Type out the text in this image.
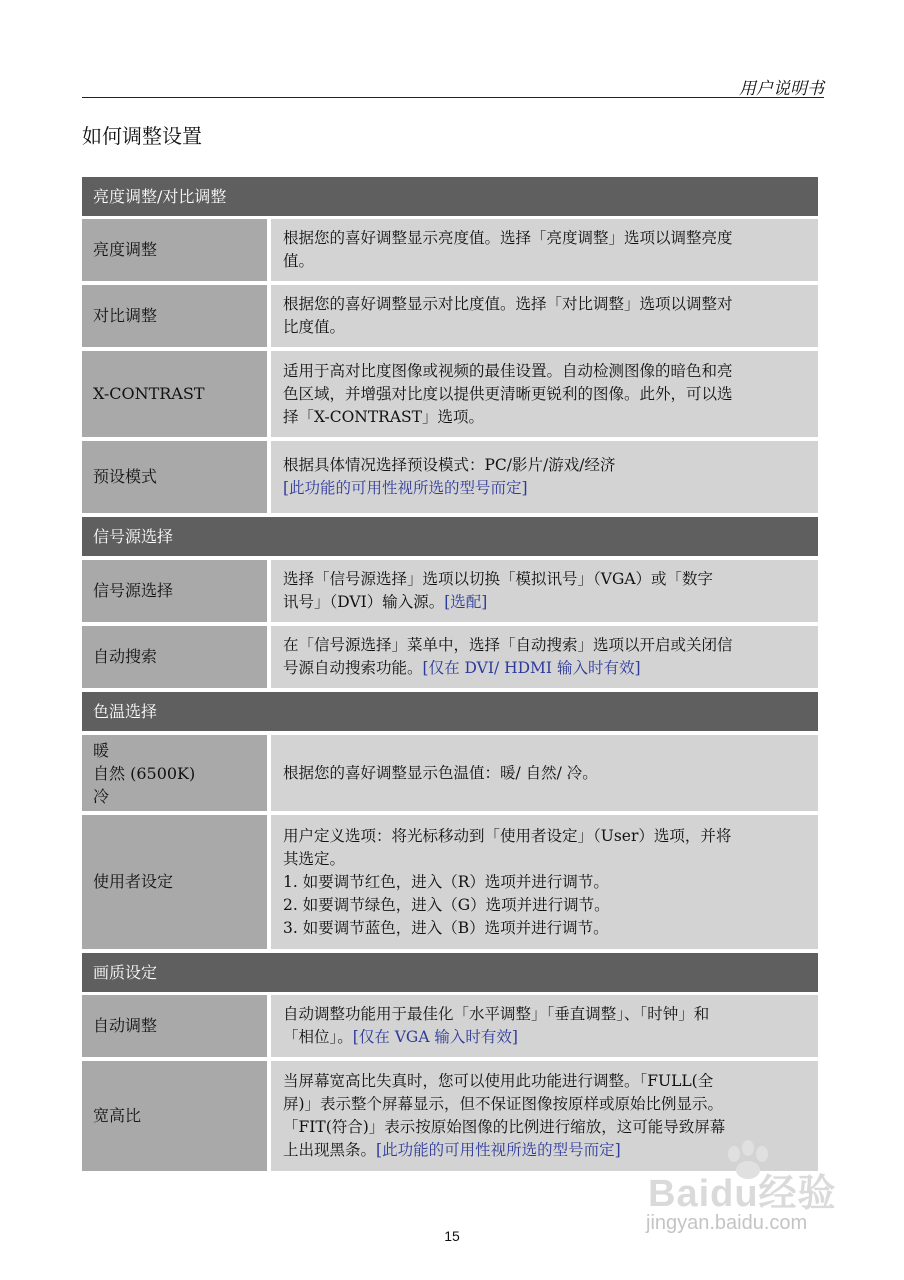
用户说明书
如何调整设置
亮度调整/对比调整
亮度调整
根据您的喜好调整显示亮度值。选择「亮度调整」选项以调整亮度
值。
对比调整
根据您的喜好调整显示对比度值。选择「对比调整」选项以调整对
比度值。
X-CONTRAST
适用于高对比度图像或视频的最佳设置。自动检测图像的暗色和亮
色区域，并增强对比度以提供更清晰更锐利的图像。此外，可以选
择「X-CONTRAST」选项。
预设模式
根据具体情况选择预设模式：PC/影片/游戏/经济
[此功能的可用性视所选的型号而定]
信号源选择
信号源选择
选择「信号源选择」选项以切换「模拟讯号」（VGA）或「数字
讯号」（DVI）输入源。[选配]
自动搜索
在「信号源选择」菜单中，选择「自动搜索」选项以开启或关闭信
号源自动搜索功能。[仅在 DVI/ HDMI 输入时有效]
色温选择
暖
自然 (6500K)
冷
根据您的喜好调整显示色温值：暖/ 自然/ 冷。
使用者设定
用户定义选项：将光标移动到「使用者设定」（User）选项，并将
其选定。
1. 如要调节红色，进入（R）选项并进行调节。
2. 如要调节绿色，进入（G）选项并进行调节。
3. 如要调节蓝色，进入（B）选项并进行调节。
画质设定
自动调整
自动调整功能用于最佳化「水平调整」「垂直调整」、「时钟」和
「相位」。[仅在 VGA 输入时有效]
宽高比
当屏幕宽高比失真时，您可以使用此功能进行调整。「FULL(全
屏)」表示整个屏幕显示，但不保证图像按原样或原始比例显示。
「FIT(符合)」表示按原始图像的比例进行缩放，这可能导致屏幕
上出现黑条。[此功能的可用性视所选的型号而定]
15
Baidu经验
jingyan.baidu.com
